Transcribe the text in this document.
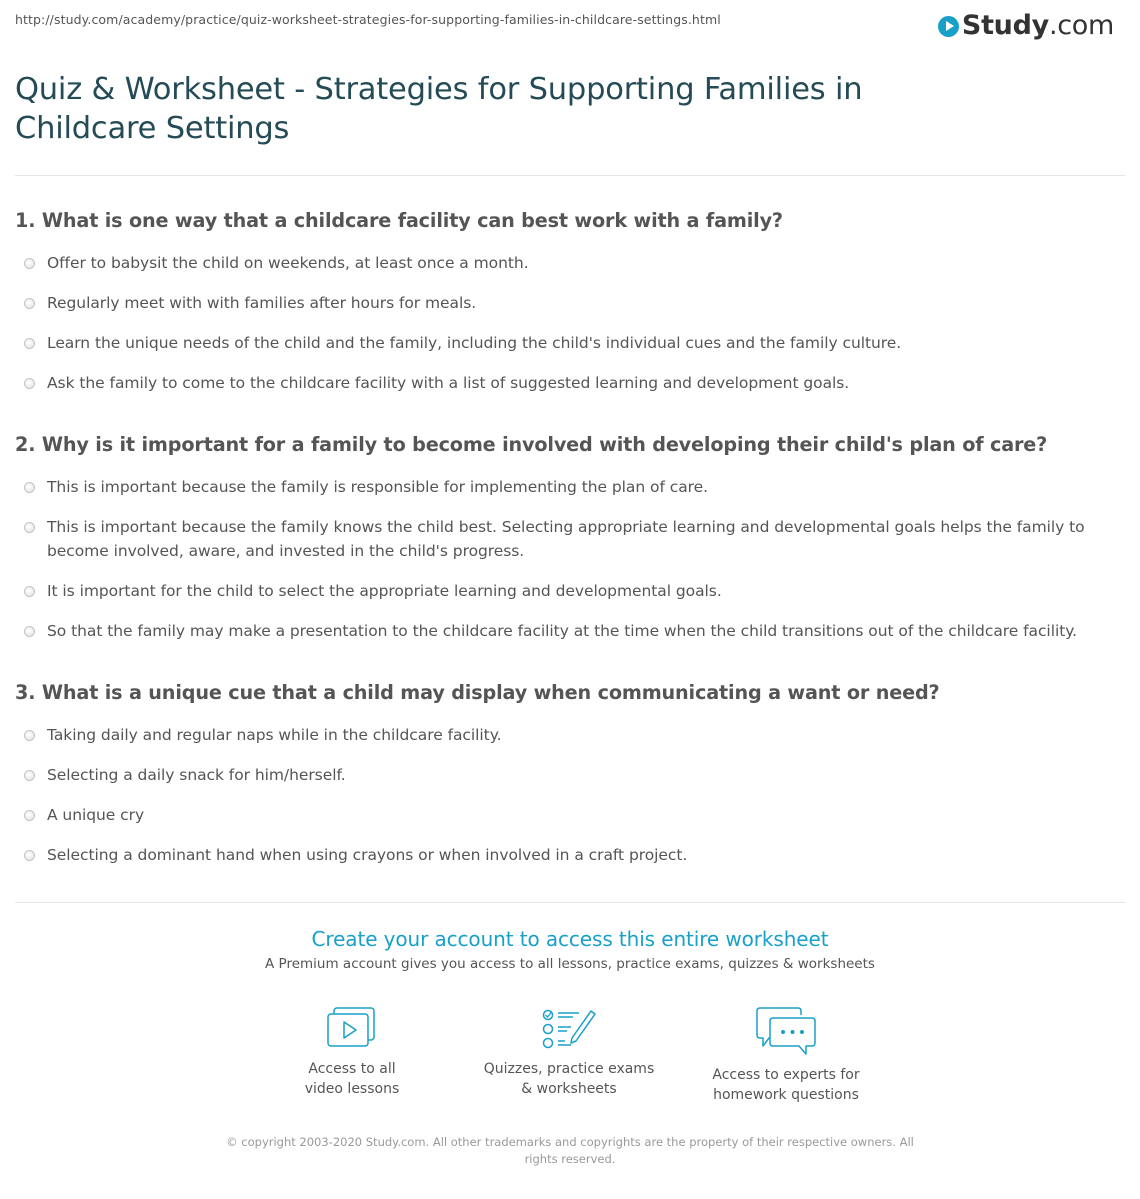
http://study.com/academy/practice/quiz-worksheet-strategies-for-supporting-families-in-childcare-settings.html	Study.com
Quiz & Worksheet - Strategies for Supporting Families in Childcare Settings
1. What is one way that a childcare facility can best work with a family?
Offer to babysit the child on weekends, at least once a month.
Regularly meet with with families after hours for meals.
Learn the unique needs of the child and the family, including the child's individual cues and the family culture.
Ask the family to come to the childcare facility with a list of suggested learning and development goals.
2. Why is it important for a family to become involved with developing their child's plan of care?
This is important because the family is responsible for implementing the plan of care.
This is important because the family knows the child best. Selecting appropriate learning and developmental goals helps the family to become involved, aware, and invested in the child's progress.
It is important for the child to select the appropriate learning and developmental goals.
So that the family may make a presentation to the childcare facility at the time when the child transitions out of the childcare facility.
3. What is a unique cue that a child may display when communicating a want or need?
Taking daily and regular naps while in the childcare facility.
Selecting a daily snack for him/herself.
A unique cry
Selecting a dominant hand when using crayons or when involved in a craft project.
Create your account to access this entire worksheet
A Premium account gives you access to all lessons, practice exams, quizzes & worksheets
Access to all
video lessons
Quizzes, practice exams
& worksheets
Access to experts for
homework questions
© copyright 2003-2020 Study.com. All other trademarks and copyrights are the property of their respective owners. All rights reserved.
